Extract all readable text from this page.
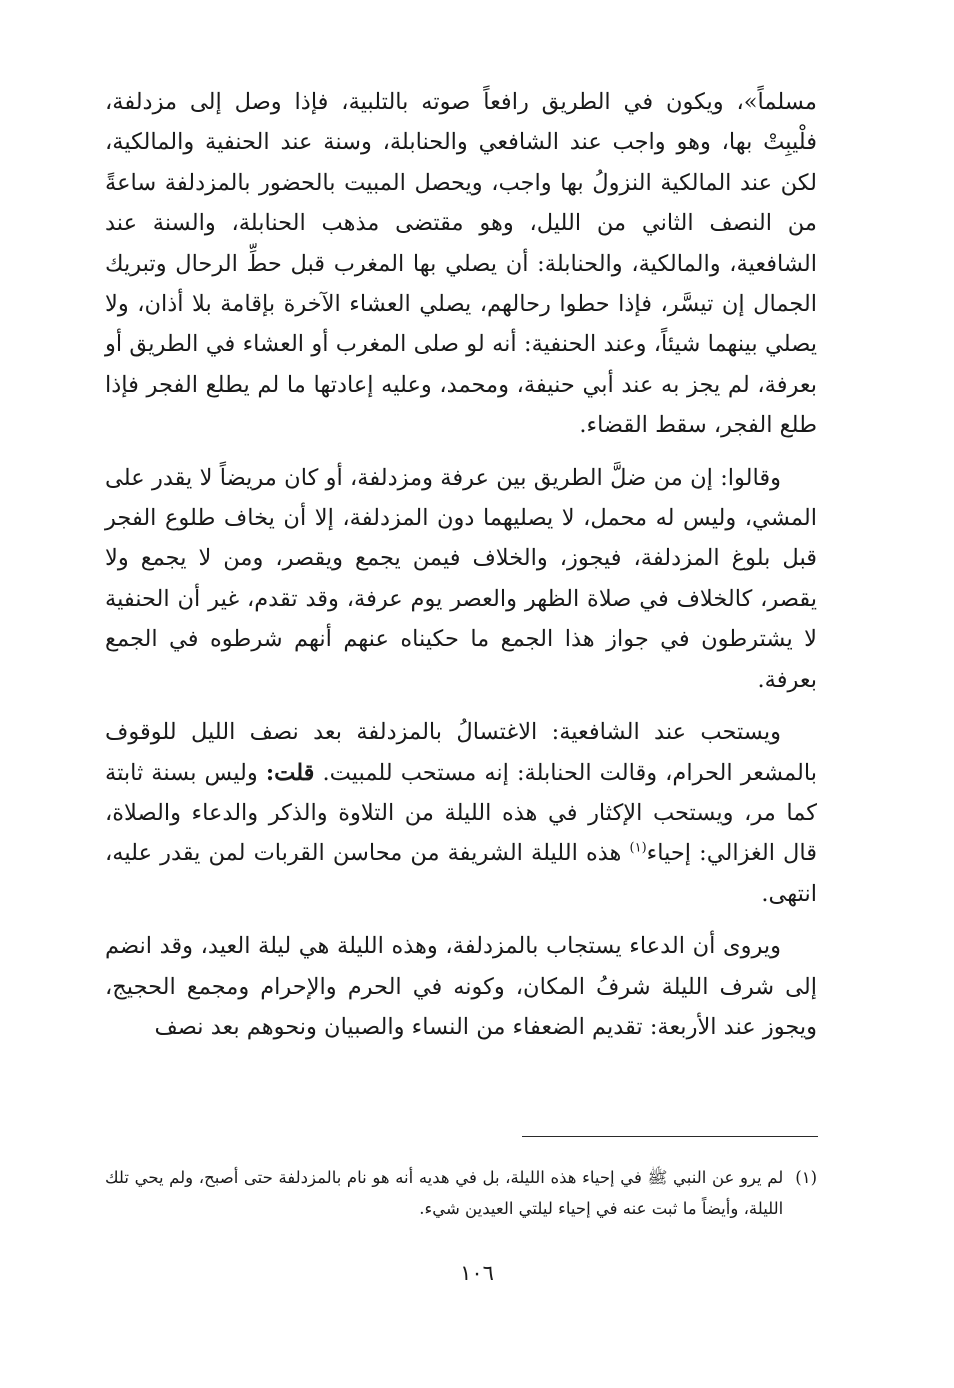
مسلماً»، ويكون في الطريق رافعاً صوته بالتلبية، فإذا وصل إلى مزدلفة، فلْيبِتْ بها، وهو واجب عند الشافعي والحنابلة، وسنة عند الحنفية والمالكية، لكن عند المالكية النزولُ بها واجب، ويحصل المبيت بالحضور بالمزدلفة ساعةً من النصف الثاني من الليل، وهو مقتضى مذهب الحنابلة، والسنة عند الشافعية، والمالكية، والحنابلة: أن يصلي بها المغرب قبل حطِّ الرحال وتبريك الجمال إن تيسَّر، فإذا حطوا رحالهم، يصلي العشاء الآخرة بإقامة بلا أذان، ولا يصلي بينهما شيئاً، وعند الحنفية: أنه لو صلى المغرب أو العشاء في الطريق أو بعرفة، لم يجز به عند أبي حنيفة، ومحمد، وعليه إعادتها ما لم يطلع الفجر فإذا طلع الفجر، سقط القضاء.

وقالوا: إن من ضلَّ الطريق بين عرفة ومزدلفة، أو كان مريضاً لا يقدر على المشي، وليس له محمل، لا يصليهما دون المزدلفة، إلا أن يخاف طلوع الفجر قبل بلوغ المزدلفة، فيجوز، والخلاف فيمن يجمع ويقصر، ومن لا يجمع ولا يقصر، كالخلاف في صلاة الظهر والعصر يوم عرفة، وقد تقدم، غير أن الحنفية لا يشترطون في جواز هذا الجمع ما حكيناه عنهم أنهم شرطوه في الجمع بعرفة.

ويستحب عند الشافعية: الاغتسالُ بالمزدلفة بعد نصف الليل للوقوف بالمشعر الحرام، وقالت الحنابلة: إنه مستحب للمبيت. قلت: وليس بسنة ثابتة كما مر، ويستحب الإكثار في هذه الليلة من التلاوة والذكر والدعاء والصلاة، قال الغزالي: إحياء$^{(١)}$ هذه الليلة الشريفة من محاسن القربات لمن يقدر عليه، انتهى.

ويروى أن الدعاء يستجاب بالمزدلفة، وهذه الليلة هي ليلة العيد، وقد انضم إلى شرف الليلة شرفُ المكان، وكونه في الحرم والإحرام ومجمع الحجيج، ويجوز عند الأربعة: تقديم الضعفاء من النساء والصبيان ونحوهم بعد نصف

(١)
لم يرو عن النبي ﷺ في إحياء هذه الليلة، بل في هديه أنه هو نام بالمزدلفة حتى أصبح، ولم يحي تلك الليلة، وأيضاً ما ثبت عنه في إحياء ليلتي العيدين شيء.
١٠٦
